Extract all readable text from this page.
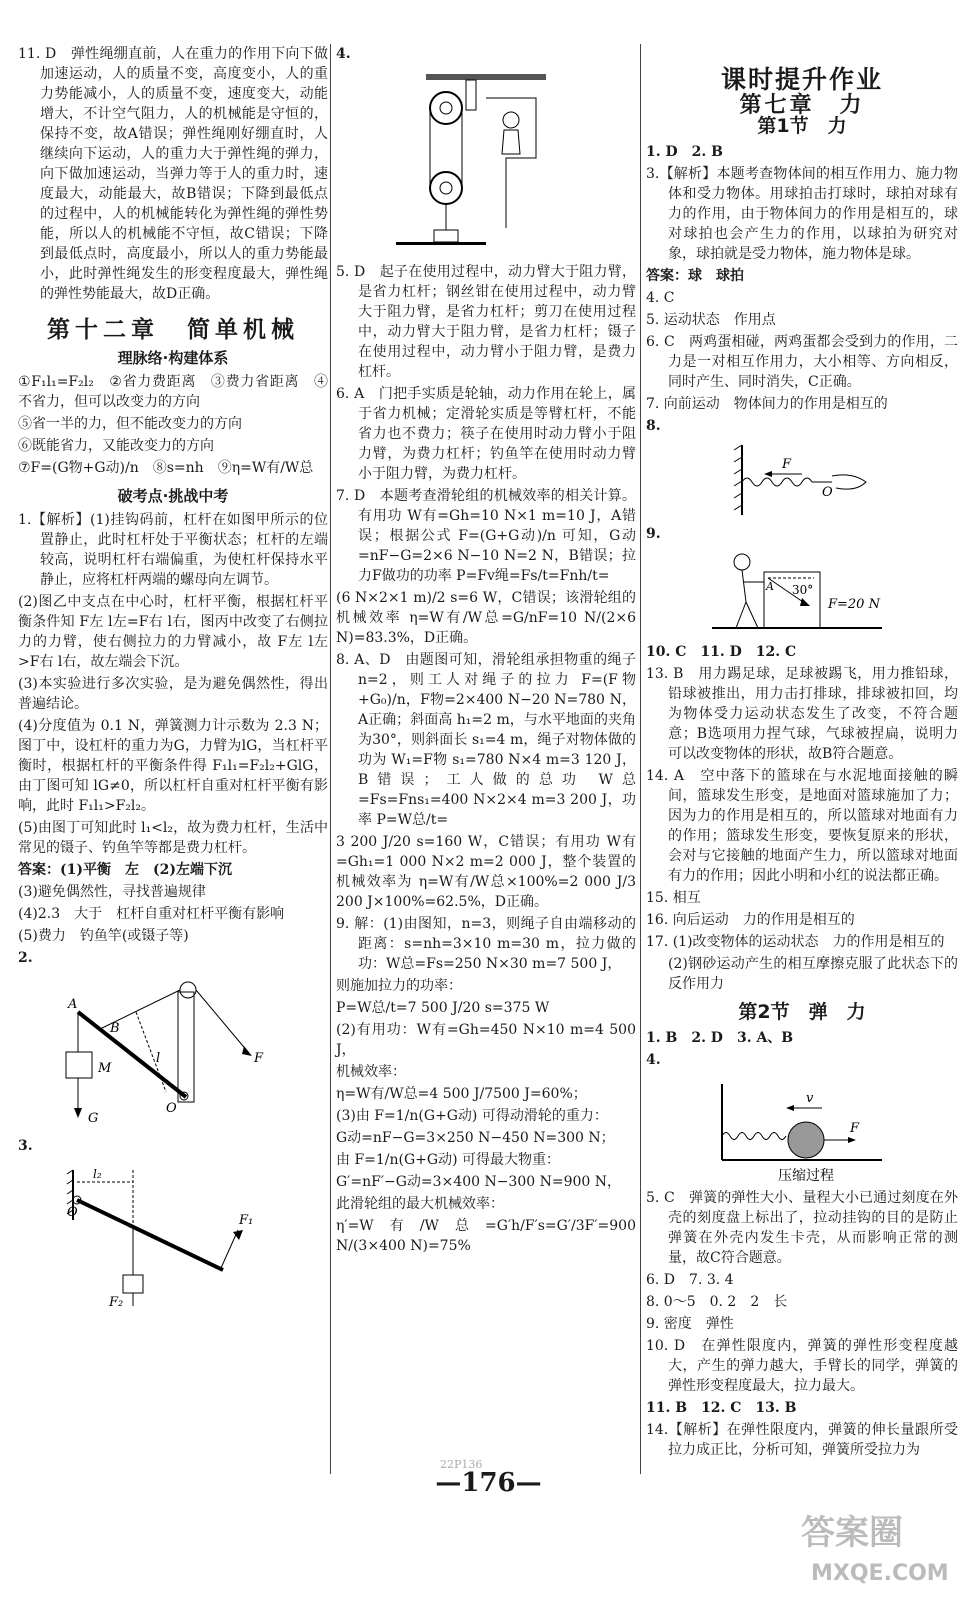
11. D　弹性绳绷直前，人在重力的作用下向下做加速运动，人的质量不变，高度变小，人的重力势能减小，人的质量不变，速度变大，动能增大，不计空气阻力，人的机械能是守恒的，保持不变，故A错误；弹性绳刚好绷直时，人继续向下运动，人的重力大于弹性绳的弹力，向下做加速运动，当弹力等于人的重力时，速度最大，动能最大，故B错误；下降到最低点的过程中，人的机械能转化为弹性绳的弹性势能，所以人的机械能不守恒，故C错误；下降到最低点时，高度最小，所以人的重力势能最小，此时弹性绳发生的形变程度最大，弹性绳的弹性势能最大，故D正确。

第十二章　简单机械
理脉络·构建体系

①F₁l₁=F₂l₂　②省力费距离　③费力省距离　④不省力，但可以改变力的方向

⑤省一半的力，但不能改变力的方向

⑥既能省力，又能改变力的方向

⑦F=(G物+G动)/n　⑧s=nh　⑨η=W有/W总

破考点·挑战中考

1.【解析】(1)挂钩码前，杠杆在如图甲所示的位置静止，此时杠杆处于平衡状态；杠杆的左端较高，说明杠杆右端偏重，为使杠杆保持水平静止，应将杠杆两端的螺母向左调节。

(2)图乙中支点在中心时，杠杆平衡，根据杠杆平衡条件知 F左 l左=F右 l右，图丙中改变了右侧拉力的力臂，使右侧拉力的力臂减小，故 F左 l左>F右 l右，故左端会下沉。

(3)本实验进行多次实验，是为避免偶然性，得出普遍结论。

(4)分度值为 0.1 N，弹簧测力计示数为 2.3 N；图丁中，设杠杆的重力为G，力臂为lG，当杠杆平衡时，根据杠杆的平衡条件得 F₁l₁=F₂l₂+GlG，由丁图可知 lG≠0，所以杠杆自重对杠杆平衡有影响，此时 F₁l₁>F₂l₂。

(5)由图丁可知此时 l₁<l₂，故为费力杠杆，生活中常见的镊子、钓鱼竿等都是费力杠杆。

答案：(1)平衡　左　(2)左端下沉

(3)避免偶然性，寻找普遍规律

(4)2.3　大于　杠杆自重对杠杆平衡有影响

(5)费力　钓鱼竿(或镊子等)

2.

A
B
l
M
G
F
O

3.

l₂
O
F₁
F₂

4.

5. D　起子在使用过程中，动力臂大于阻力臂，是省力杠杆；钢丝钳在使用过程中，动力臂大于阻力臂，是省力杠杆；剪刀在使用过程中，动力臂大于阻力臂，是省力杠杆；镊子在使用过程中，动力臂小于阻力臂，是费力杠杆。

6. A　门把手实质是轮轴，动力作用在轮上，属于省力机械；定滑轮实质是等臂杠杆，不能省力也不费力；筷子在使用时动力臂小于阻力臂，为费力杠杆；钓鱼竿在使用时动力臂小于阻力臂，为费力杠杆。

7. D　本题考查滑轮组的机械效率的相关计算。有用功 W有=Gh=10 N×1 m=10 J，A错误；根据公式 F=(G+G动)/n 可知，G动=nF−G=2×6 N−10 N=2 N，B错误；拉力F做功的功率 P=Fv绳=Fs/t=Fnh/t=

(6 N×2×1 m)/2 s=6 W，C错误；该滑轮组的机械效率 η=W有/W总=G/nF=10 N/(2×6 N)=83.3%，D正确。

8. A、D　由题图可知，滑轮组承担物重的绳子 n=2，则工人对绳子的拉力 F=(F物+G₀)/n，F物=2×400 N−20 N=780 N，A正确；斜面高 h₁=2 m，与水平地面的夹角为30°，则斜面长 s₁=4 m，绳子对物体做的功为 W₁=F物 s₁=780 N×4 m=3 120 J，B错误；工人做的总功 W总=Fs=Fns₁=400 N×2×4 m=3 200 J，功率 P=W总/t=

3 200 J/20 s=160 W，C错误；有用功 W有=Gh₁=1 000 N×2 m=2 000 J，整个装置的机械效率为 η=W有/W总×100%=2 000 J/3 200 J×100%=62.5%，D正确。

9. 解：(1)由图知，n=3，则绳子自由端移动的距离：s=nh=3×10 m=30 m，拉力做的功：W总=Fs=250 N×30 m=7 500 J，

则施加拉力的功率：

P=W总/t=7 500 J/20 s=375 W

(2)有用功：W有=Gh=450 N×10 m=4 500 J，

机械效率：

η=W有/W总=4 500 J/7500 J=60%；

(3)由 F=1/n(G+G动) 可得动滑轮的重力：

G动=nF−G=3×250 N−450 N=300 N；

由 F=1/n(G+G动) 可得最大物重：

G′=nF′−G动=3×400 N−300 N=900 N，

此滑轮组的最大机械效率：

η′=W有/W总=G′h/F′s=G′/3F′=900 N/(3×400 N)=75%

课时提升作业
第七章　力
第1节　力

1. D　2. B

3.【解析】本题考查物体间的相互作用力、施力物体和受力物体。用球拍击打球时，球拍对球有力的作用，由于物体间力的作用是相互的，球对球拍也会产生力的作用，以球拍为研究对象，球拍就是受力物体，施力物体是球。

答案：球　球拍

4. C

5. 运动状态　作用点

6. C　两鸡蛋相碰，两鸡蛋都会受到力的作用，二力是一对相互作用力，大小相等、方向相反，同时产生、同时消失，C正确。

7. 向前运动　物体间力的作用是相互的

8.

F
O

9.

A 30°
F=20 N

10. C　11. D　12. C

13. B　用力踢足球，足球被踢飞，用力推铅球，铅球被推出，用力击打排球，排球被扣回，均为物体受力运动状态发生了改变，不符合题意；B选项用力捏气球，气球被捏扁，说明力可以改变物体的形状，故B符合题意。

14. A　空中落下的篮球在与水泥地面接触的瞬间，篮球发生形变，是地面对篮球施加了力；因为力的作用是相互的，所以篮球对地面有力的作用；篮球发生形变，要恢复原来的形状，会对与它接触的地面产生力，所以篮球对地面有力的作用；因此小明和小红的说法都正确。

15. 相互

16. 向后运动　力的作用是相互的

17. (1)改变物体的运动状态　力的作用是相互的

(2)钢砂运动产生的相互摩擦克服了此状态下的反作用力

第2节　弹　力

1. B　2. D　3. A、B

4.

v
F
压缩过程

5. C　弹簧的弹性大小、量程大小已通过刻度在外壳的刻度盘上标出了，拉动挂钩的目的是防止弹簧在外壳内发生卡壳，从而影响正常的测量，故C符合题意。

6. D　7. 3. 4

8. 0～5　0. 2　2　长

9. 密度　弹性

10. D　在弹性限度内，弹簧的弹性形变程度越大，产生的弹力越大，手臂长的同学，弹簧的弹性形变程度最大，拉力最大。

11. B　12. C　13. B

14.【解析】在弹性限度内，弹簧的伸长量跟所受拉力成正比，分析可知，弹簧所受拉力为

22P136
—176—
答案圈
MXQE.COM
